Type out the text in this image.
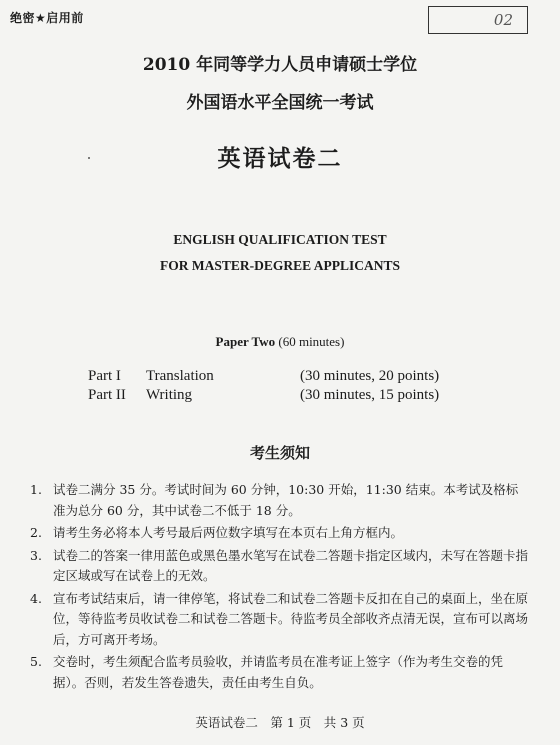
绝密★启用前	02
2010 年同等学力人员申请硕士学位
外国语水平全国统一考试
英语试卷二
ENGLISH QUALIFICATION TEST
FOR MASTER-DEGREE APPLICANTS
Paper Two (60 minutes)
Part I Translation	(30 minutes, 20 points)
Part II Writing	(30 minutes, 15 points)
考生须知
1. 试卷二满分 35 分。考试时间为 60 分钟，10:30 开始，11:30 结束。本考试及格标准为总分 60 分，其中试卷二不低于 18 分。
2. 请考生务必将本人考号最后两位数字填写在本页右上角方框内。
3. 试卷二的答案一律用蓝色或黑色墨水笔写在试卷二答题卡指定区域内，未写在答题卡指定区域或写在试卷上的无效。
4. 宣布考试结束后，请一律停笔，将试卷二和试卷二答题卡反扣在自己的桌面上，坐在原位，等待监考员收试卷二和试卷二答题卡。待监考员全部收齐点清无误，宣布可以离场后，方可离开考场。
5. 交卷时，考生须配合监考员验收，并请监考员在准考证上签字（作为考生交卷的凭据）。否则，若发生答卷遗失，责任由考生自负。
英语试卷二　第 1 页　共 3 页
